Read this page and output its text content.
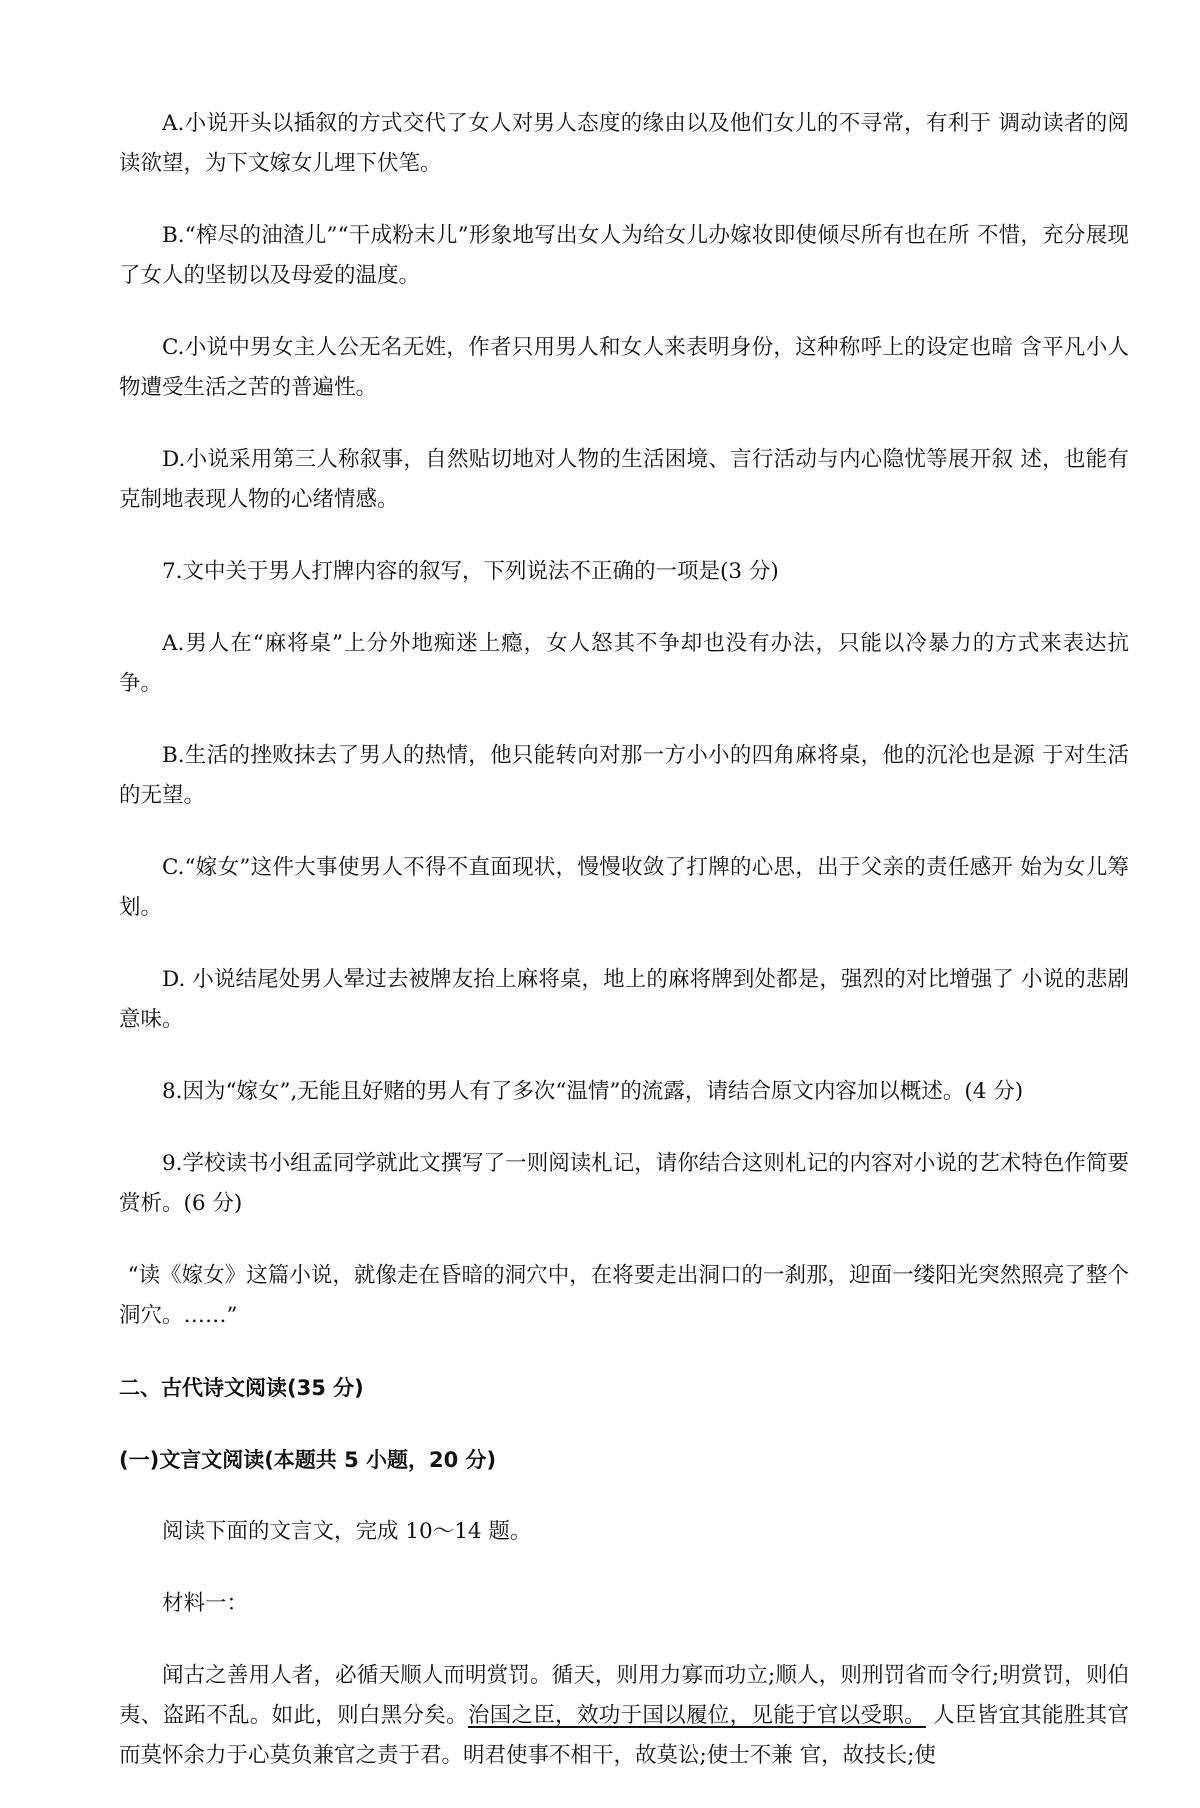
A.小说开头以插叙的方式交代了女人对男人态度的缘由以及他们女儿的不寻常，有利于 调动读者的阅读欲望，为下文嫁女儿埋下伏笔。

B.“榨尽的油渣儿”“干成粉末儿”形象地写出女人为给女儿办嫁妆即使倾尽所有也在所 不惜，充分展现了女人的坚韧以及母爱的温度。

C.小说中男女主人公无名无姓，作者只用男人和女人来表明身份，这种称呼上的设定也暗 含平凡小人物遭受生活之苦的普遍性。

D.小说采用第三人称叙事，自然贴切地对人物的生活困境、言行活动与内心隐忧等展开叙 述，也能有克制地表现人物的心绪情感。

7.文中关于男人打牌内容的叙写，下列说法不正确的一项是(3 分)

A.男人在“麻将桌”上分外地痴迷上瘾，女人怒其不争却也没有办法，只能以冷暴力的方式来表达抗争。

B.生活的挫败抹去了男人的热情，他只能转向对那一方小小的四角麻将桌，他的沉沦也是源 于对生活的无望。

C.“嫁女”这件大事使男人不得不直面现状，慢慢收敛了打牌的心思，出于父亲的责任感开 始为女儿筹划。

D. 小说结尾处男人晕过去被牌友抬上麻将桌，地上的麻将牌到处都是，强烈的对比增强了 小说的悲剧意味。

8.因为“嫁女”,无能且好赌的男人有了多次“温情”的流露，请结合原文内容加以概述。(4 分)

9.学校读书小组孟同学就此文撰写了一则阅读札记，请你结合这则札记的内容对小说的艺术特色作简要赏析。(6 分)

“读《嫁女》这篇小说，就像走在昏暗的洞穴中，在将要走出洞口的一刹那，迎面一缕阳光突然照亮了整个洞穴。……”

二、古代诗文阅读(35 分)

(一)文言文阅读(本题共 5 小题，20 分)

阅读下面的文言文，完成 10～14 题。

材料一：

闻古之善用人者，必循天顺人而明赏罚。循天，则用力寡而功立;顺人，则刑罚省而令行;明赏罚，则伯夷、盗跖不乱。如此，则白黑分矣。治国之臣，效功于国以履位，见能于官以受职。 人臣皆宜其能胜其官而莫怀余力于心莫负兼官之责于君。明君使事不相干，故莫讼;使士不兼 官，故技长;使
